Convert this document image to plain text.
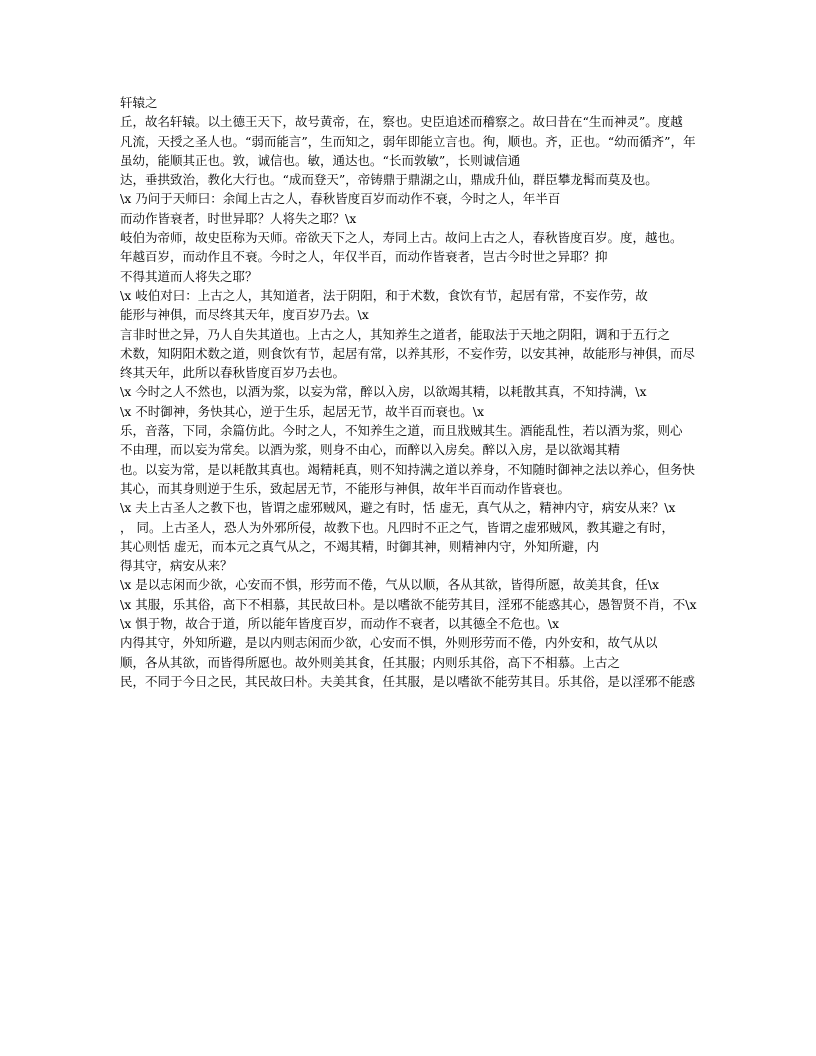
轩辕之

丘，故名轩辕。以土德王天下，故号黄帝，在，察也。史臣追述而稽察之。故曰昔在“生而神灵”。度越

凡流，天授之圣人也。“弱而能言”，生而知之，弱年即能立言也。徇，顺也。齐，正也。“幼而循齐”，年

虽幼，能顺其正也。敦，诚信也。敏，通达也。“长而敦敏”，长则诚信通

达，垂拱致治，教化大行也。“成而登天”，帝铸鼎于鼎湖之山，鼎成升仙，群臣攀龙髯而莫及也。

\x 乃问于天师曰：余闻上古之人，春秋皆度百岁而动作不衰，今时之人，年半百

而动作皆衰者，时世异耶？人将失之耶？\x

岐伯为帝师，故史臣称为天师。帝欲天下之人，寿同上古。故问上古之人，春秋皆度百岁。度，越也。

年越百岁，而动作且不衰。今时之人，年仅半百，而动作皆衰者，岂古今时世之异耶？抑

不得其道而人将失之耶？

\x 岐伯对曰：上古之人，其知道者，法于阴阳，和于术数，食饮有节，起居有常，不妄作劳，故

能形与神俱，而尽终其天年，度百岁乃去。\x

言非时世之异，乃人自失其道也。上古之人，其知养生之道者，能取法于天地之阴阳，调和于五行之

术数，知阴阳术数之道，则食饮有节，起居有常，以养其形，不妄作劳，以安其神，故能形与神俱，而尽

终其天年，此所以春秋皆度百岁乃去也。

\x 今时之人不然也，以酒为浆，以妄为常，醉以入房，以欲竭其精，以耗散其真，不知持满，\x

\x 不时御神，务快其心，逆于生乐，起居无节，故半百而衰也。\x

乐，音落，下同，余篇仿此。今时之人，不知养生之道，而且戕贼其生。酒能乱性，若以酒为浆，则心

不由理，而以妄为常矣。以酒为浆，则身不由心，而醉以入房矣。醉以入房，是以欲竭其精

也。以妄为常，是以耗散其真也。竭精耗真，则不知持满之道以养身，不知随时御神之法以养心，但务快

其心，而其身则逆于生乐，致起居无节，不能形与神俱，故年半百而动作皆衰也。

\x 夫上古圣人之教下也，皆谓之虚邪贼风，避之有时，恬 虚无，真气从之，精神内守，病安从来？\x

， 同。上古圣人，恐人为外邪所侵，故教下也。凡四时不正之气，皆谓之虚邪贼风，教其避之有时，

其心则恬 虚无，而本元之真气从之，不竭其精，时御其神，则精神内守，外知所避，内

得其守，病安从来？

\x 是以志闲而少欲，心安而不惧，形劳而不倦，气从以顺，各从其欲，皆得所愿，故美其食，任\x

\x 其服，乐其俗，高下不相慕，其民故曰朴。是以嗜欲不能劳其目，淫邪不能惑其心，愚智贤不肖，不\x

\x 惧于物，故合于道，所以能年皆度百岁，而动作不衰者，以其德全不危也。\x

内得其守，外知所避，是以内则志闲而少欲，心安而不惧，外则形劳而不倦，内外安和，故气从以

顺，各从其欲，而皆得所愿也。故外则美其食，任其服；内则乐其俗，高下不相慕。上古之

民，不同于今日之民，其民故曰朴。夫美其食，任其服，是以嗜欲不能劳其目。乐其俗，是以淫邪不能惑
